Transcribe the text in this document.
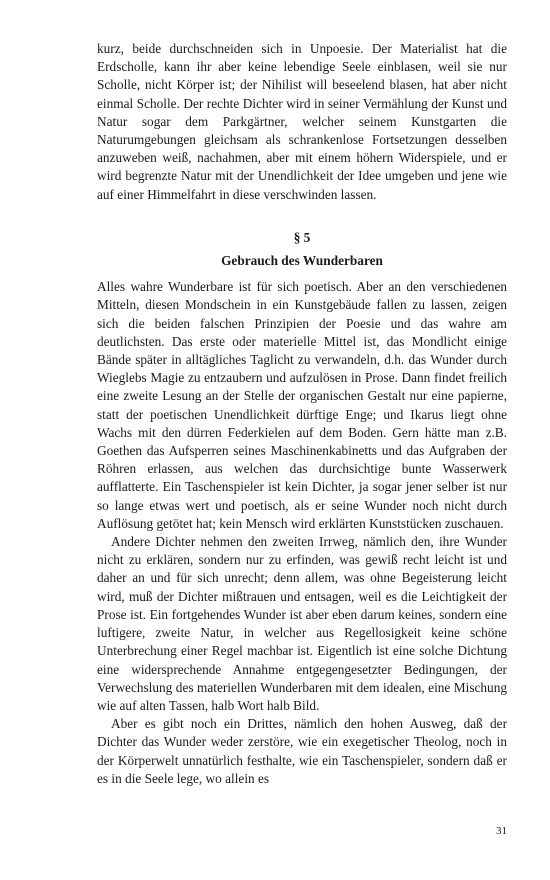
kurz, beide durchschneiden sich in Unpoesie. Der Materialist hat die Erdscholle, kann ihr aber keine lebendige Seele einblasen, weil sie nur Scholle, nicht Körper ist; der Nihilist will beseelend blasen, hat aber nicht einmal Scholle. Der rechte Dichter wird in seiner Vermählung der Kunst und Natur sogar dem Parkgärtner, welcher seinem Kunstgarten die Naturumgebungen gleichsam als schrankenlose Fortsetzungen desselben anzuweben weiß, nachahmen, aber mit einem höhern Widerspiele, und er wird begrenzte Natur mit der Unendlichkeit der Idee umgeben und jene wie auf einer Himmelfahrt in diese verschwinden lassen.

§ 5
Gebrauch des Wunderbaren

Alles wahre Wunderbare ist für sich poetisch. Aber an den verschiedenen Mitteln, diesen Mondschein in ein Kunstgebäude fallen zu lassen, zeigen sich die beiden falschen Prinzipien der Poesie und das wahre am deutlichsten. Das erste oder materielle Mittel ist, das Mondlicht einige Bände später in alltägliches Taglicht zu verwandeln, d.h. das Wunder durch Wieglebs Magie zu entzaubern und aufzulösen in Prose. Dann findet freilich eine zweite Lesung an der Stelle der organischen Gestalt nur eine papierne, statt der poetischen Unendlichkeit dürftige Enge; und Ikarus liegt ohne Wachs mit den dürren Federkielen auf dem Boden. Gern hätte man z.B. Goethen das Aufsperren seines Maschinenkabinetts und das Aufgraben der Röhren erlassen, aus welchen das durchsichtige bunte Wasserwerk aufflatterte. Ein Taschenspieler ist kein Dichter, ja sogar jener selber ist nur so lange etwas wert und poetisch, als er seine Wunder noch nicht durch Auflösung getötet hat; kein Mensch wird erklärten Kunststücken zuschauen.

Andere Dichter nehmen den zweiten Irrweg, nämlich den, ihre Wunder nicht zu erklären, sondern nur zu erfinden, was gewiß recht leicht ist und daher an und für sich unrecht; denn allem, was ohne Begeisterung leicht wird, muß der Dichter mißtrauen und entsagen, weil es die Leichtigkeit der Prose ist. Ein fortgehendes Wunder ist aber eben darum keines, sondern eine luftigere, zweite Natur, in welcher aus Regellosigkeit keine schöne Unterbrechung einer Regel machbar ist. Eigentlich ist eine solche Dichtung eine widersprechende Annahme entgegengesetzter Bedingungen, der Verwechslung des materiellen Wunderbaren mit dem idealen, eine Mischung wie auf alten Tassen, halb Wort halb Bild.

Aber es gibt noch ein Drittes, nämlich den hohen Ausweg, daß der Dichter das Wunder weder zerstöre, wie ein exegetischer Theolog, noch in der Körperwelt unnatürlich festhalte, wie ein Taschenspieler, sondern daß er es in die Seele lege, wo allein es

31
